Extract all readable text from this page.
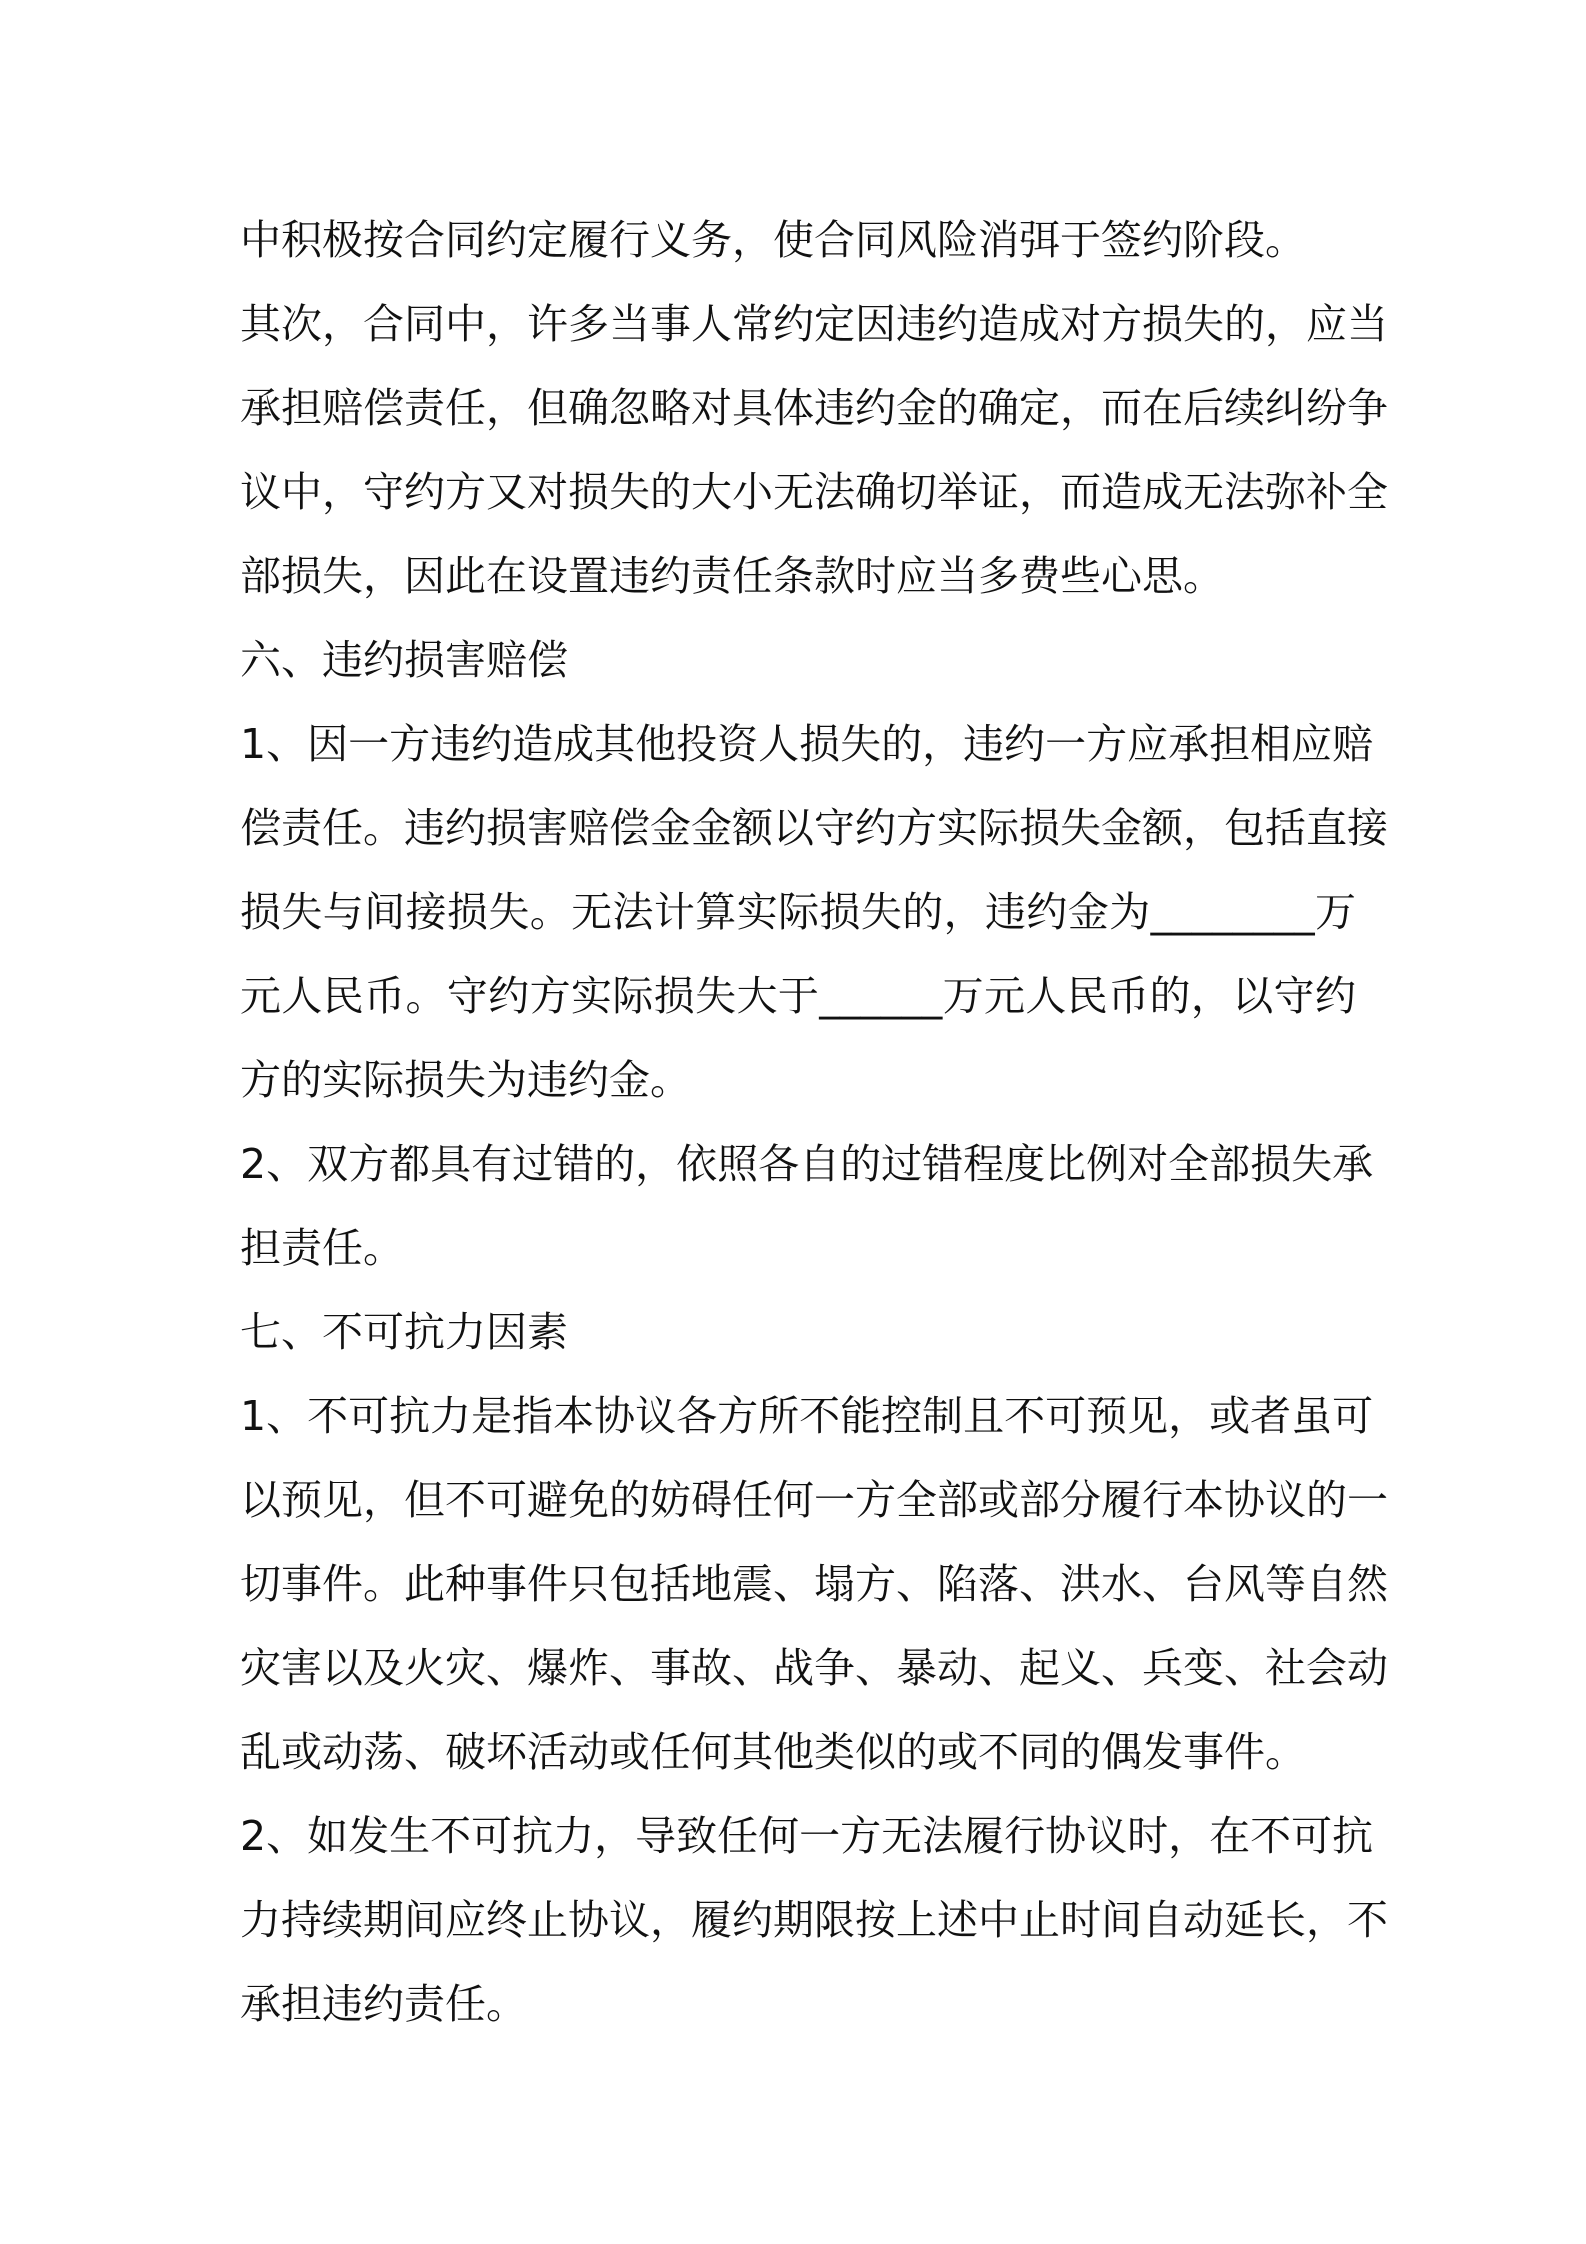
中积极按合同约定履行义务，使合同风险消弭于签约阶段。
其次，合同中，许多当事人常约定因违约造成对方损失的，应当
承担赔偿责任，但确忽略对具体违约金的确定，而在后续纠纷争
议中，守约方又对损失的大小无法确切举证，而造成无法弥补全
部损失，因此在设置违约责任条款时应当多费些心思。
六、违约损害赔偿
1、因一方违约造成其他投资人损失的，违约一方应承担相应赔
偿责任。违约损害赔偿金金额以守约方实际损失金额，包括直接
损失与间接损失。无法计算实际损失的，违约金为________万
元人民币。守约方实际损失大于______万元人民币的，以守约
方的实际损失为违约金。
2、双方都具有过错的，依照各自的过错程度比例对全部损失承
担责任。
七、不可抗力因素
1、不可抗力是指本协议各方所不能控制且不可预见，或者虽可
以预见，但不可避免的妨碍任何一方全部或部分履行本协议的一
切事件。此种事件只包括地震、塌方、陷落、洪水、台风等自然
灾害以及火灾、爆炸、事故、战争、暴动、起义、兵变、社会动
乱或动荡、破坏活动或任何其他类似的或不同的偶发事件。
2、如发生不可抗力，导致任何一方无法履行协议时，在不可抗
力持续期间应终止协议，履约期限按上述中止时间自动延长，不
承担违约责任。
